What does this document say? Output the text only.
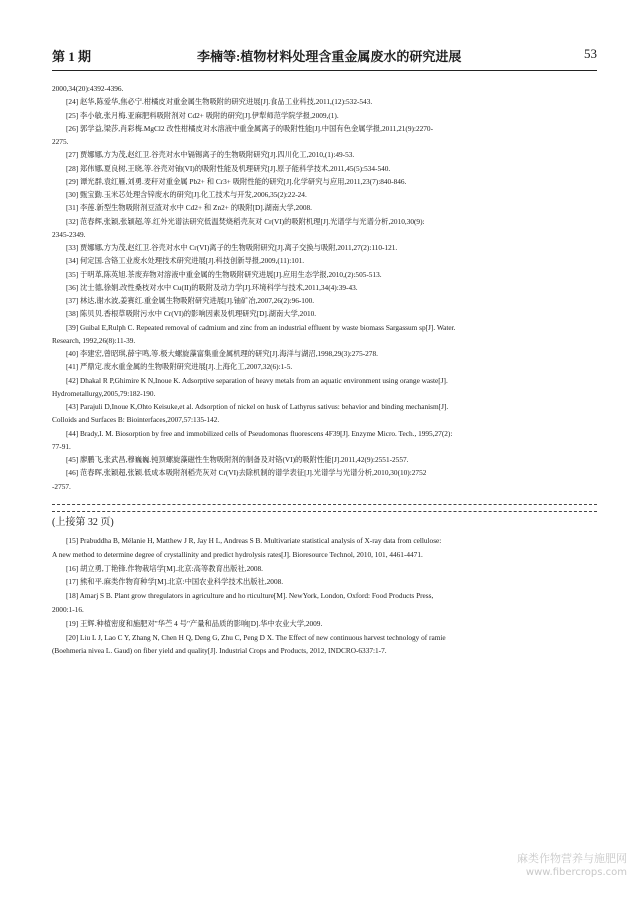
第 1 期	李楠等:植物材料处理含重金属废水的研究进展	53

2000,34(20):4392-4396.

[24] 赵华,陈爱华,焦必宁.柑橘皮对重金属生物吸附的研究进展[J].食品工业科技,2011,(12):532-543.

[25] 李小敏,张月梅.亚麻肥料吸附剂对 Cd2+ 吸附的研究[J].伊犁师范学院学报,2009,(1).

[26] 郭学益,梁莎,肖彩梅.MgCl2 改性柑橘皮对水溶液中重金属离子的吸附性能[J].中国有色金属学报,2011,21(9):2270-

2275.

[27] 贾娜娜,方为茂,赵红卫.谷壳对水中镉锡离子的生物吸附研究[J].四川化工,2010,(1):49-53.

[28] 郑伟娜,夏良树,王晓,等.谷壳对铀(VI)的吸附性能及机理研究[J].原子能科学技术,2011,45(5):534-540.

[29] 谭光群,袁红雁,刘勇.麦秆对重金属 Pb2+ 和 Cr3+ 吸附性能的研究[J].化学研究与应用,2011,23(7):840-846.

[30] 甄宝勤.玉米芯处理含锌废水的研究[J].化工技术与开发,2006,35(2):22-24.

[31] 李莲.新型生物吸附剂豆渣对水中 Cd2+ 和 Zn2+ 的吸附[D].湖南大学,2008.

[32] 范春辉,张颖,张颖超,等.红外光谱法研究低温焚烧稻壳灰对 Cr(VI)的吸附机理[J].光谱学与光谱分析,2010,30(9):

2345-2349.

[33] 贾娜娜,方为茂,赵红卫.谷壳对水中 Cr(VI)离子的生物吸附研究[J].离子交换与吸附,2011,27(2):110-121.

[34] 何定国.含铬工业废水处理技术研究进展[J].科技创新导报,2009,(11):101.

[35] 于明革,陈英旭.茶废弃物对溶液中重金属的生物吸附研究进展[J].应用生态学报,2010,(2):505-513.

[36] 沈士德,徐娟.改性桑枝对水中 Cu(II)的吸附及动力学[J].环境科学与技术,2011,34(4):39-43.

[37] 林达,谢水波,姜赛红.重金属生物吸附研究进展[J].铀矿冶,2007,26(2):96-100.

[38] 陈贝贝.香根草吸附污水中 Cr(VI)的影响因素及机理研究[D].湖南大学,2010.

[39] Guibal E,Rulph C. Repeated removal of cadmium and zinc from an industrial effluent by waste biomass Sargassum sp[J]. Water.

Research, 1992,26(8):11-39.

[40] 李建宏,曾昭琪,薛宇鸣,等.极大螺旋藻富集重金属机理的研究[J].海洋与湖沼,1998,29(3):275-278.

[41] 严鼎定.废水重金属的生物吸附研究进展[J].上海化工,2007,32(6):1-5.

[42] Dhakal R P,Ghimire K N,Inoue K. Adsorptive separation of heavy metals from an aquatic environment using orange waste[J].

Hydrometallurgy,2005,79:182-190.

[43] Parajuli D,Inoue K,Ohto Keisuke,et al. Adsorption of nickel on husk of Lathyrus sativus: behavior and binding mechanism[J].

Colloids and Surfaces B: Biointerfaces,2007,57:135-142.

[44] Brady,I. M. Biosorption by free and immobilized cells of Pseudomonas fluorescens 4F39[J]. Enzyme Micro. Tech., 1995,27(2):

77-91.

[45] 廖鹏飞,张武昌,穆巍巍.钝顶螺旋藻磁性生物吸附剂的制备及对铬(VI)的吸附性能[J].2011,42(9):2551-2557.

[46] 范春晖,张颖超,张颖.低成本吸附剂稻壳灰对 Cr(VI)去除机制的谱学表征[J].光谱学与光谱分析,2010,30(10):2752

-2757.

(上接第 32 页)

[15] Prabuddha B, Mélanie H, Matthew J R, Jay H L, Andreas S B. Multivariate statistical analysis of X-ray data from cellulose:

A new method to determine degree of crystallinity and predict hydrolysis rates[J]. Bioresource Technol, 2010, 101, 4461-4471.

[16] 胡立勇,丁艳锋.作物栽培学[M].北京:高等教育出版社,2008.

[17] 熊和平.麻类作物育种学[M].北京:中国农业科学技术出版社,2008.

[18] Amarj S B. Plant grow thregulators in agriculture and ho rticulture[M]. NewYork, London, Oxford: Food Products Press,

2000:1-16.

[19] 王辉.种植密度和施肥对"华苎 4 号"产量和品质的影响[D].华中农业大学,2009.

[20] Liu L J, Lao C Y, Zhang N, Chen H Q, Deng G, Zhu C, Peng D X. The Effect of new continuous harvest technology of ramie

(Boehmeria nivea L. Gaud) on fiber yield and quality[J]. Industrial Crops and Products, 2012, INDCRO-6337:1-7.

麻类作物营养与施肥网
www.fibercrops.com
